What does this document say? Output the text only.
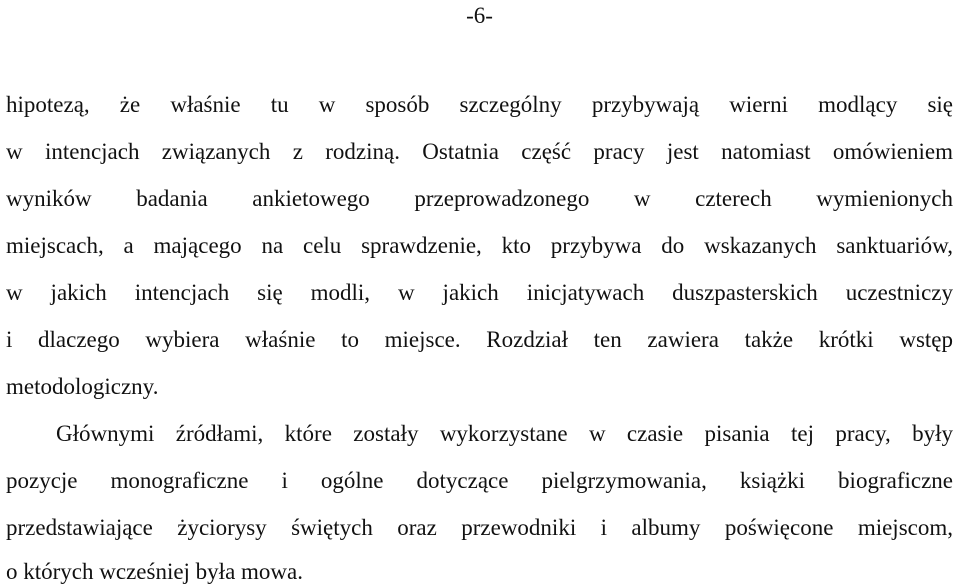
-6-
hipotezą, że właśnie tu w sposób szczególny przybywają wierni modlący się
w intencjach związanych z rodziną. Ostatnia część pracy jest natomiast omówieniem
wyników badania ankietowego przeprowadzonego w czterech wymienionych
miejscach, a mającego na celu sprawdzenie, kto przybywa do wskazanych sanktuariów,
w jakich intencjach się modli, w jakich inicjatywach duszpasterskich uczestniczy
i dlaczego wybiera właśnie to miejsce. Rozdział ten zawiera także krótki wstęp
metodologiczny.
Głównymi źródłami, które zostały wykorzystane w czasie pisania tej pracy, były
pozycje monograficzne i ogólne dotyczące pielgrzymowania, książki biograficzne
przedstawiające życiorysy świętych oraz przewodniki i albumy poświęcone miejscom,
o których wcześniej była mowa.
